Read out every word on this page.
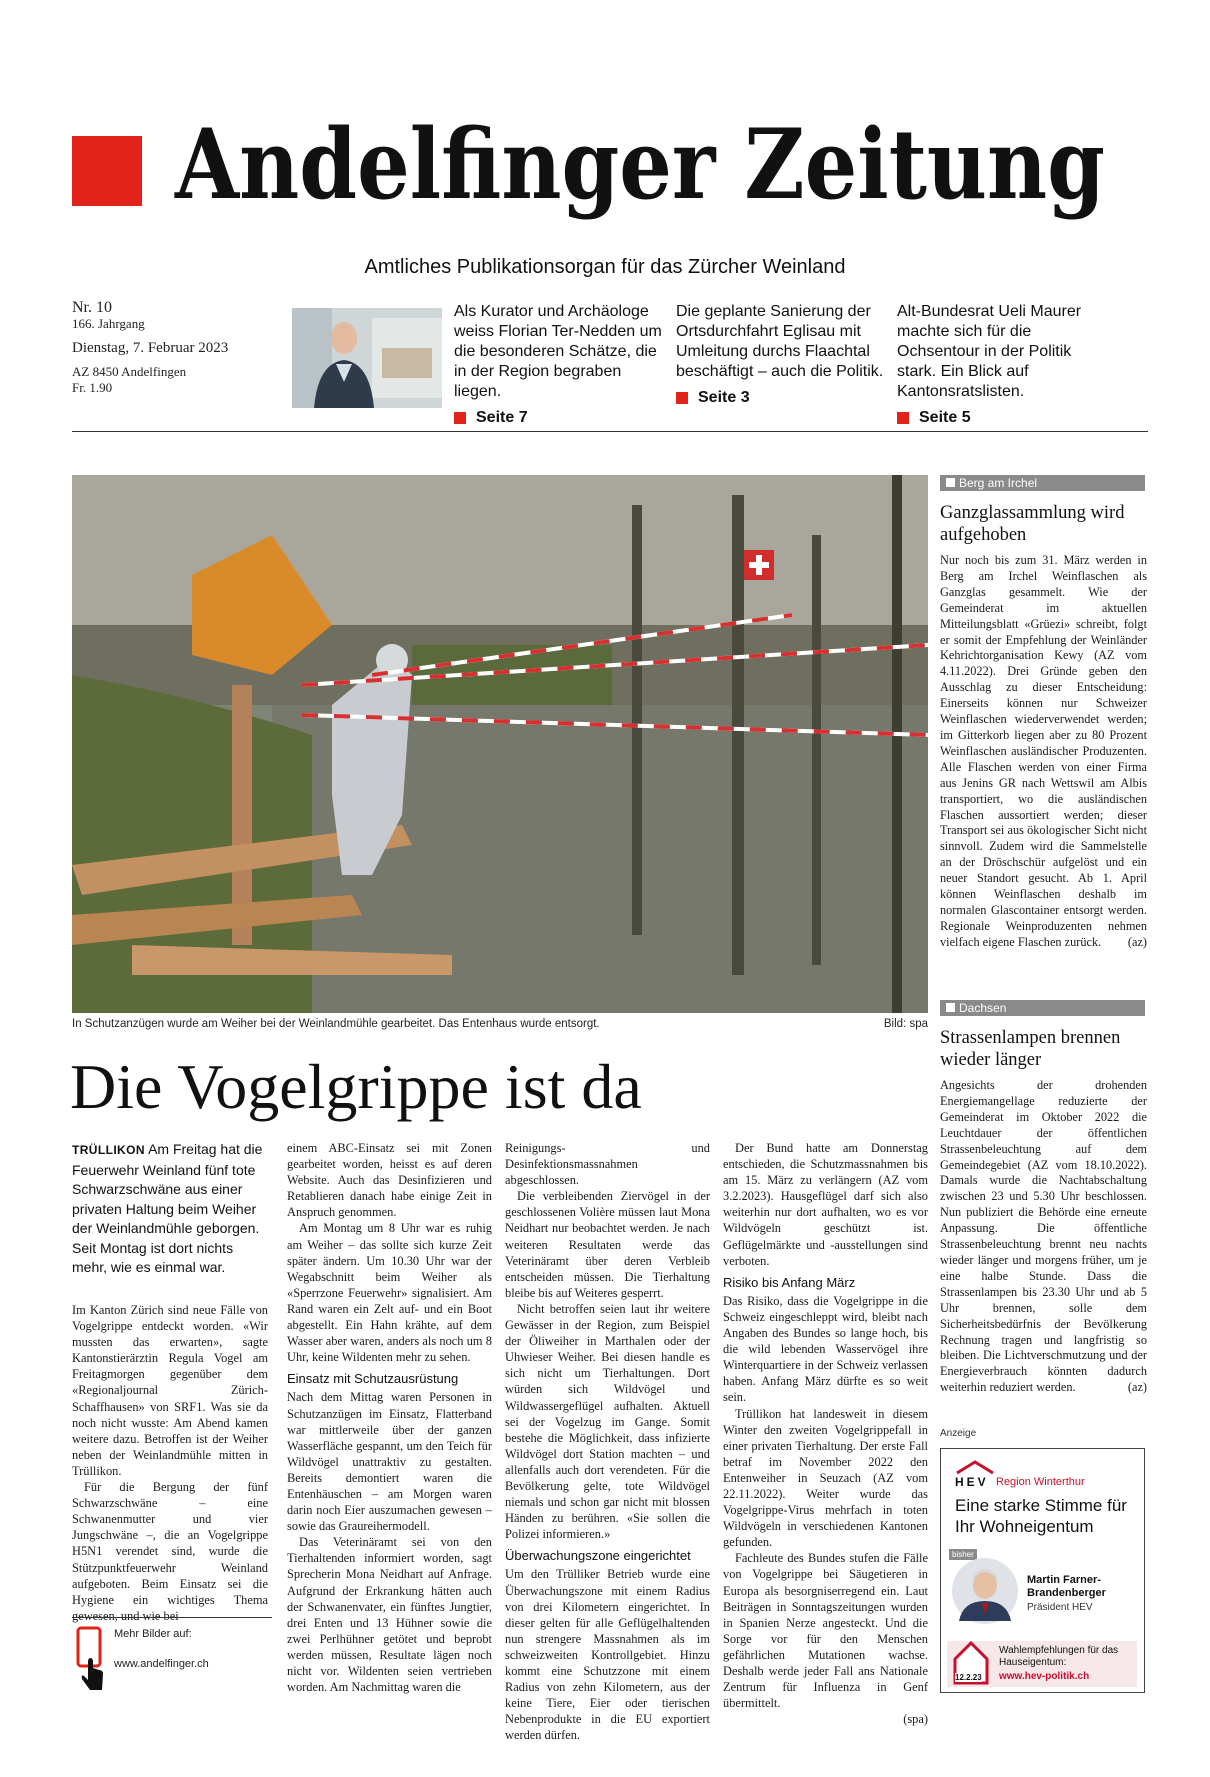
Andelfinger Zeitung
Amtliches Publikationsorgan für das Zürcher Weinland
Nr. 10
166. Jahrgang
Dienstag, 7. Februar 2023
AZ 8450 Andelfingen
Fr. 1.90
Als Kurator und Archäologe weiss Florian Ter-Nedden um die besonderen Schätze, die in der Region begraben liegen.
Seite 7
Die geplante Sanierung der Ortsdurchfahrt Eglisau mit Umleitung durchs Flaachtal beschäftigt – auch die Politik.
Seite 3
Alt-Bundesrat Ueli Maurer machte sich für die Ochsentour in der Politik stark. Ein Blick auf Kantonsratslisten.
Seite 5
In Schutzanzügen wurde am Weiher bei der Weinlandmühle gearbeitet. Das Entenhaus wurde entsorgt.	Bild: spa
Die Vogelgrippe ist da
TRÜLLIKON Am Freitag hat die Feuerwehr Weinland fünf tote Schwarzschwäne aus einer privaten Haltung beim Weiher der Weinlandmühle geborgen. Seit Montag ist dort nichts mehr, wie es einmal war.

Im Kanton Zürich sind neue Fälle von Vogelgrippe entdeckt worden. «Wir mussten das erwarten», sagte Kantonstierärztin Regula Vogel am Freitagmorgen gegenüber dem «Regionaljournal Zürich-Schaffhausen» von SRF1. Was sie da noch nicht wusste: Am Abend kamen weitere dazu. Betroffen ist der Weiher neben der Weinlandmühle mitten in Trüllikon.

Für die Bergung der fünf Schwarzschwäne – eine Schwanenmutter und vier Jungschwäne –, die an Vogelgrippe H5N1 verendet sind, wurde die Stützpunktfeuerwehr Weinland aufgeboten. Beim Einsatz sei die Hygiene ein wichtiges Thema gewesen, und wie bei

Mehr Bilder auf:
www.andelfinger.ch

einem ABC-Einsatz sei mit Zonen gearbeitet worden, heisst es auf deren Website. Auch das Desinfizieren und Retablieren danach habe einige Zeit in Anspruch genommen.

Am Montag um 8 Uhr war es ruhig am Weiher – das sollte sich kurze Zeit später ändern. Um 10.30 Uhr war der Wegabschnitt beim Weiher als «Sperrzone Feuerwehr» signalisiert. Am Rand waren ein Zelt auf- und ein Boot abgestellt. Ein Hahn krähte, auf dem Wasser aber waren, anders als noch um 8 Uhr, keine Wildenten mehr zu sehen.

Einsatz mit Schutzausrüstung

Nach dem Mittag waren Personen in Schutzanzügen im Einsatz, Flatterband war mittlerweile über der ganzen Wasserfläche gespannt, um den Teich für Wildvögel unattraktiv zu gestalten. Bereits demontiert waren die Entenhäuschen – am Morgen waren darin noch Eier auszumachen gewesen – sowie das Graureihermodell.

Das Veterinäramt sei von den Tierhaltenden informiert worden, sagt Sprecherin Mona Neidhart auf Anfrage. Aufgrund der Erkrankung hätten auch der Schwanenvater, ein fünftes Jungtier, drei Enten und 13 Hühner sowie die zwei Perlhühner getötet und beprobt werden müssen, Resultate lägen noch nicht vor. Wildenten seien vertrieben worden. Am Nachmittag waren die

Reinigungs- und Desinfektionsmassnahmen abgeschlossen.

Die verbleibenden Ziervögel in der geschlossenen Volière müssen laut Mona Neidhart nur beobachtet werden. Je nach weiteren Resultaten werde das Veterinäramt über deren Verbleib entscheiden müssen. Die Tierhaltung bleibe bis auf Weiteres gesperrt.

Nicht betroffen seien laut ihr weitere Gewässer in der Region, zum Beispiel der Öliweiher in Marthalen oder der Uhwieser Weiher. Bei diesen handle es sich nicht um Tierhaltungen. Dort würden sich Wildvögel und Wildwassergeflügel aufhalten. Aktuell sei der Vogelzug im Gange. Somit bestehe die Möglichkeit, dass infizierte Wildvögel dort Station machten – und allenfalls auch dort verendeten. Für die Bevölkerung gelte, tote Wildvögel niemals und schon gar nicht mit blossen Händen zu berühren. «Sie sollen die Polizei informieren.»

Überwachungszone eingerichtet

Um den Trülliker Betrieb wurde eine Überwachungszone mit einem Radius von drei Kilometern eingerichtet. In dieser gelten für alle Geflügelhaltenden nun strengere Massnahmen als im schweizweiten Kontrollgebiet. Hinzu kommt eine Schutzzone mit einem Radius von zehn Kilometern, aus der keine Tiere, Eier oder tierischen Nebenprodukte in die EU exportiert werden dürfen.

Der Bund hatte am Donnerstag entschieden, die Schutzmassnahmen bis am 15. März zu verlängern (AZ vom 3.2.2023). Hausgeflügel darf sich also weiterhin nur dort aufhalten, wo es vor Wildvögeln geschützt ist. Geflügelmärkte und -ausstellungen sind verboten.

Risiko bis Anfang März

Das Risiko, dass die Vogelgrippe in die Schweiz eingeschleppt wird, bleibt nach Angaben des Bundes so lange hoch, bis die wild lebenden Wasservögel ihre Winterquartiere in der Schweiz verlassen haben. Anfang März dürfte es so weit sein.

Trüllikon hat landesweit in diesem Winter den zweiten Vogelgrippefall in einer privaten Tierhaltung. Der erste Fall betraf im November 2022 den Entenweiher in Seuzach (AZ vom 22.11.2022). Weiter wurde das Vogelgrippe-Virus mehrfach in toten Wildvögeln in verschiedenen Kantonen gefunden.

Fachleute des Bundes stufen die Fälle von Vogelgrippe bei Säugetieren in Europa als besorgniserregend ein. Laut Beiträgen in Sonntagszeitungen wurden in Spanien Nerze angesteckt. Und die Sorge vor für den Menschen gefährlichen Mutationen wachse. Deshalb werde jeder Fall ans Nationale Zentrum für Influenza in Genf übermittelt.

(spa)

Berg am Irchel
Ganzglassammlung wird aufgehoben
Nur noch bis zum 31. März werden in Berg am Irchel Weinflaschen als Ganzglas gesammelt. Wie der Gemeinderat im aktuellen Mitteilungsblatt «Grüezi» schreibt, folgt er somit der Empfehlung der Weinländer Kehrichtorganisation Kewy (AZ vom 4.11.2022). Drei Gründe geben den Ausschlag zu dieser Entscheidung: Einerseits können nur Schweizer Weinflaschen wiederverwendet werden; im Gitterkorb liegen aber zu 80 Prozent Weinflaschen ausländischer Produzenten. Alle Flaschen werden von einer Firma aus Jenins GR nach Wettswil am Albis transportiert, wo die ausländischen Flaschen aussortiert werden; dieser Transport sei aus ökologischer Sicht nicht sinnvoll. Zudem wird die Sammelstelle an der Dröschschür aufgelöst und ein neuer Standort gesucht. Ab 1. April können Weinflaschen deshalb im normalen Glascontainer entsorgt werden. Regionale Weinproduzenten nehmen vielfach eigene Flaschen zurück. (az)
Dachsen
Strassenlampen brennen wieder länger
Angesichts der drohenden Energiemangellage reduzierte der Gemeinderat im Oktober 2022 die Leuchtdauer der öffentlichen Strassenbeleuchtung auf dem Gemeindegebiet (AZ vom 18.10.2022). Damals wurde die Nachtabschaltung zwischen 23 und 5.30 Uhr beschlossen. Nun publiziert die Behörde eine erneute Anpassung. Die öffentliche Strassenbeleuchtung brennt neu nachts wieder länger und morgens früher, um je eine halbe Stunde. Dass die Strassenlampen bis 23.30 Uhr und ab 5 Uhr brennen, solle dem Sicherheitsbedürfnis der Bevölkerung Rechnung tragen und langfristig so bleiben. Die Lichtverschmutzung und der Energieverbrauch könnten dadurch weiterhin reduziert werden.	(az)
Anzeige
HEV Region Winterthur
Eine starke Stimme für Ihr Wohneigentum
bisher
Martin Farner-Brandenberger
Präsident HEV
12.2.23
Wahlempfehlungen für das Hauseigentum:
www.hev-politik.ch
